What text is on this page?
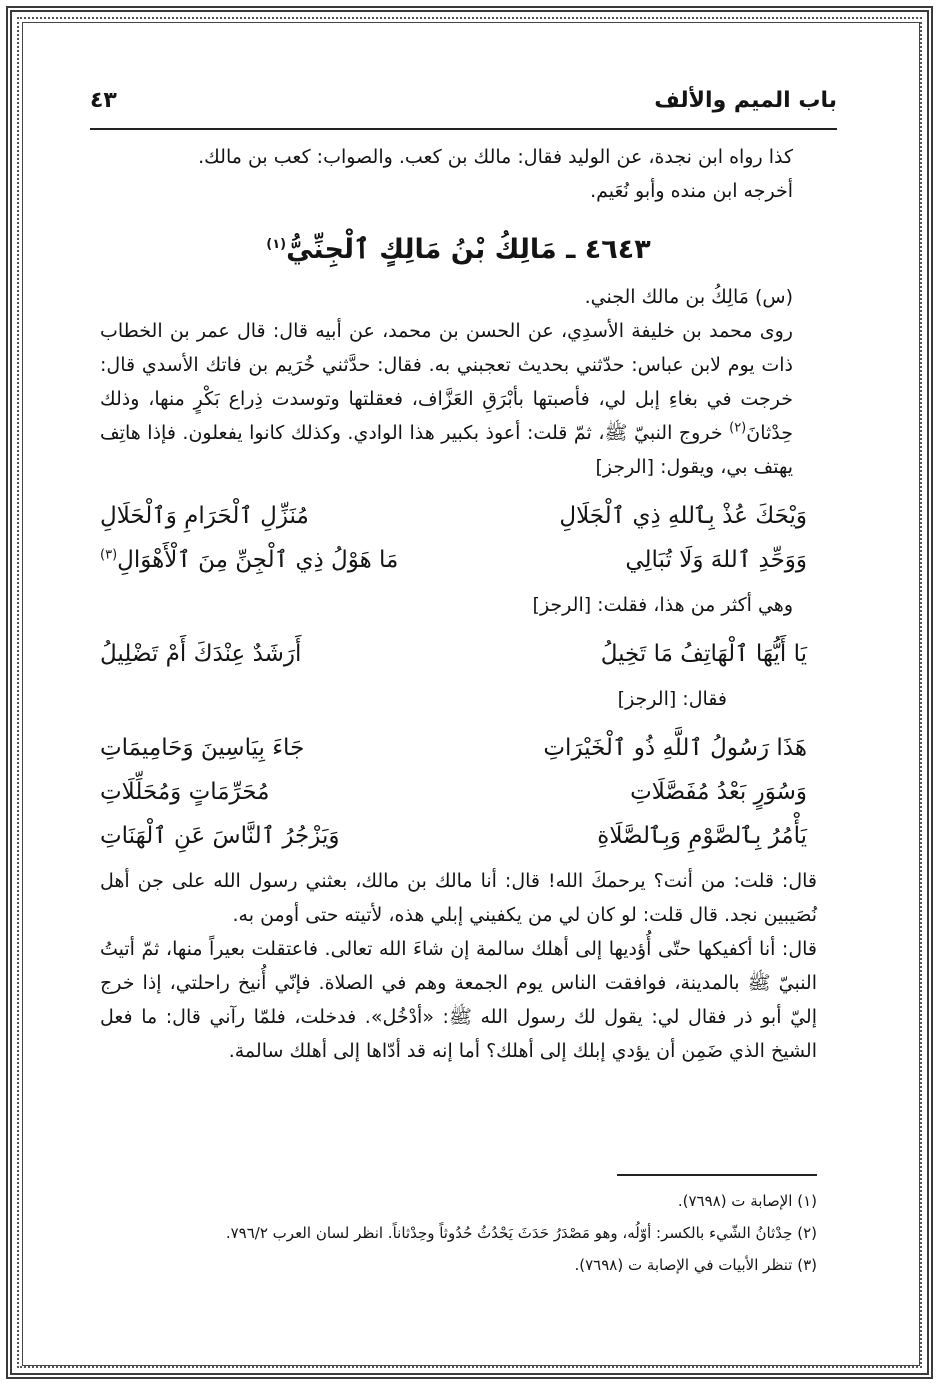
باب الميم والألف
٤٣

كذا رواه ابن نجدة، عن الوليد فقال: مالك بن كعب. والصواب: كعب بن مالك.

أخرجه ابن منده وأبو نُعَيم.

٤٦٤٣ ـ مَالِكُ بْنُ مَالِكٍ ٱلْجِنِّيُّ$^{(١)}$

(س) مَالِكُ بن مالك الجني.

روى محمد بن خليفة الأسدِي، عن الحسن بن محمد، عن أبيه قال: قال عمر بن الخطاب ذات يوم لابن عباس: حدّثني بحديث تعجبني به. فقال: حدَّثني خُرَيم بن فاتك الأسدي قال: خرجت في بغاءِ إبل لي، فأصبتها بأبْرَقِ العَزَّاف، فعقلتها وتوسدت ذِراع بَكْرٍ منها، وذلك حِدْثانَ$^{(٢)}$ خروج النبيّ ﷺ، ثمّ قلت: أعوذ بكبير هذا الوادي. وكذلك كانوا يفعلون. فإذا هاتِف يهتف بي، ويقول: [الرجز]

وَيْحَكَ عُذْ بِٱللهِ ذِي ٱلْجَلَالِ
مُنَزِّلِ ٱلْحَرَامِ وَٱلْحَلَالِ
وَوَحِّدِ ٱللهَ وَلَا تُبَالِي
مَا هَوْلُ ذِي ٱلْجِنِّ مِنَ ٱلْأَهْوَالِ$^{(٣)}$

وهي أكثر من هذا، فقلت: [الرجز]

يَا أَيُّهَا ٱلْهَاتِفُ مَا تَخِيلُ
أَرَشَدٌ عِنْدَكَ أَمْ تَضْلِيلُ

فقال: [الرجز]

هَذَا رَسُولُ ٱللَّهِ ذُو ٱلْخَيْرَاتِ
جَاءَ بِيَاسِينَ وَحَامِيمَاتِ
وَسُوَرٍ بَعْدُ مُفَصَّلَاتِ
مُحَرِّمَاتٍ وَمُحَلِّلَاتِ
يَأْمُرُ بِٱلصَّوْمِ وَبِٱلصَّلَاةِ
وَيَزْجُرُ ٱلنَّاسَ عَنِ ٱلْهَنَاتِ

قال: قلت: من أنت؟ يرحمكَ الله! قال: أنا مالك بن مالك، بعثني رسول الله على جن أهل نُصَيبين نجد. قال قلت: لو كان لي من يكفيني إبلي هذه، لأتيته حتى أومن به.

قال: أنا أكفيكها حتّى أُؤديها إلى أهلك سالمة إن شاءَ الله تعالى. فاعتقلت بعيراً منها، ثمّ أتيتُ النبيّ ﷺ بالمدينة، فوافقت الناس يوم الجمعة وهم في الصلاة. فإنّي أُنيخ راحلتي، إذا خرج إليّ أبو ذر فقال لي: يقول لك رسول الله ﷺ: «أدْخُل». فدخلت، فلمّا رآني قال: ما فعل الشيخ الذي ضَمِن أن يؤدي إبلك إلى أهلك؟ أما إنه قد أدّاها إلى أهلك سالمة.

(١) الإصابة ت (٧٦٩٨).

(٢) حِدْثانُ الشّيء بالكسر: أوّلُه، وهو مَصْدَرُ حَدَثَ يَحْدُثُ حُدُوثاً وحِدْثاناً. انظر لسان العرب ٧٩٦/٢.

(٣) تنظر الأبيات في الإصابة ت (٧٦٩٨).
